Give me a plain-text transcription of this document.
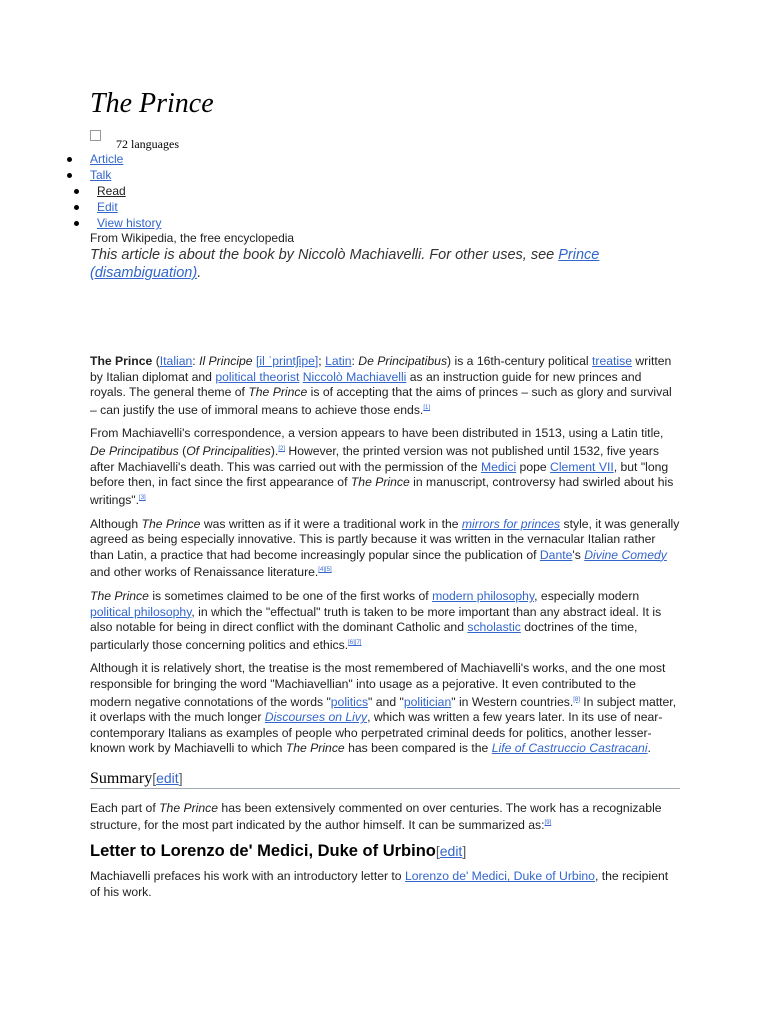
The Prince
72 languages
Article
Talk
Read
Edit
View history
From Wikipedia, the free encyclopedia
This article is about the book by Niccolò Machiavelli. For other uses, see Prince (disambiguation).

The Prince (Italian: Il Principe [il ˈprintʃipe]; Latin: De Principatibus) is a 16th-century political treatise written by Italian diplomat and political theorist Niccolò Machiavelli as an instruction guide for new princes and royals. The general theme of The Prince is of accepting that the aims of princes – such as glory and survival – can justify the use of immoral means to achieve those ends.[1]

From Machiavelli's correspondence, a version appears to have been distributed in 1513, using a Latin title, De Principatibus (Of Principalities).[2] However, the printed version was not published until 1532, five years after Machiavelli's death. This was carried out with the permission of the Medici pope Clement VII, but "long before then, in fact since the first appearance of The Prince in manuscript, controversy had swirled about his writings".[3]

Although The Prince was written as if it were a traditional work in the mirrors for princes style, it was generally agreed as being especially innovative. This is partly because it was written in the vernacular Italian rather than Latin, a practice that had become increasingly popular since the publication of Dante's Divine Comedy and other works of Renaissance literature.[4][5]

The Prince is sometimes claimed to be one of the first works of modern philosophy, especially modern political philosophy, in which the "effectual" truth is taken to be more important than any abstract ideal. It is also notable for being in direct conflict with the dominant Catholic and scholastic doctrines of the time, particularly those concerning politics and ethics.[6][7]

Although it is relatively short, the treatise is the most remembered of Machiavelli's works, and the one most responsible for bringing the word "Machiavellian" into usage as a pejorative. It even contributed to the modern negative connotations of the words "politics" and "politician" in Western countries.[8] In subject matter, it overlaps with the much longer Discourses on Livy, which was written a few years later. In its use of near-contemporary Italians as examples of people who perpetrated criminal deeds for politics, another lesser-known work by Machiavelli to which The Prince has been compared is the Life of Castruccio Castracani.

Summary[edit]

Each part of The Prince has been extensively commented on over centuries. The work has a recognizable structure, for the most part indicated by the author himself. It can be summarized as:[9]

Letter to Lorenzo de' Medici, Duke of Urbino[edit]

Machiavelli prefaces his work with an introductory letter to Lorenzo de' Medici, Duke of Urbino, the recipient of his work.
